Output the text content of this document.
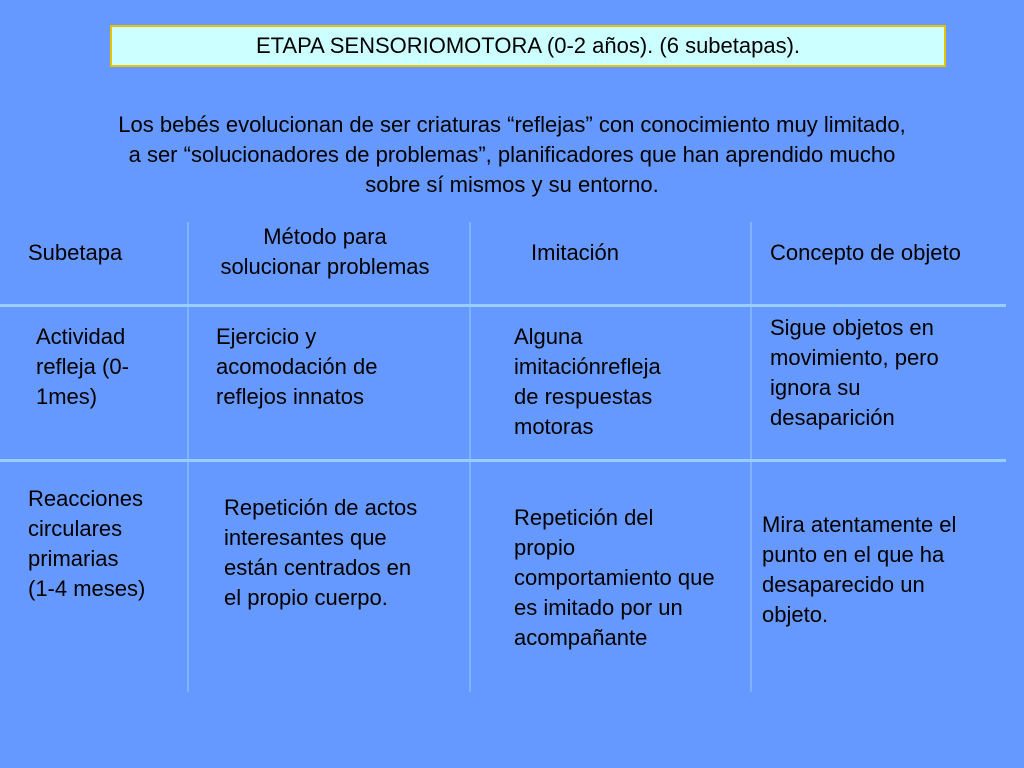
ETAPA SENSORIOMOTORA (0-2 años). (6 subetapas).
Los bebés evolucionan de ser criaturas “reflejas” con conocimiento muy limitado,
a ser “solucionadores de problemas”, planificadores que han aprendido mucho
sobre sí mismos y su entorno.
Subetapa
Método para
solucionar problemas
Imitación	Concepto de objeto
Actividad
refleja (0-
1mes)
Ejercicio y
acomodación de
reflejos innatos
Alguna
imitaciónrefleja
de respuestas
motoras
Sigue objetos en
movimiento, pero
ignora su
desaparición
Reacciones
circulares
primarias
(1-4 meses)
Repetición de actos
interesantes que
están centrados en
el propio cuerpo.
Repetición del
propio
comportamiento que
es imitado por un
acompañante
Mira atentamente el
punto en el que ha
desaparecido un
objeto.
